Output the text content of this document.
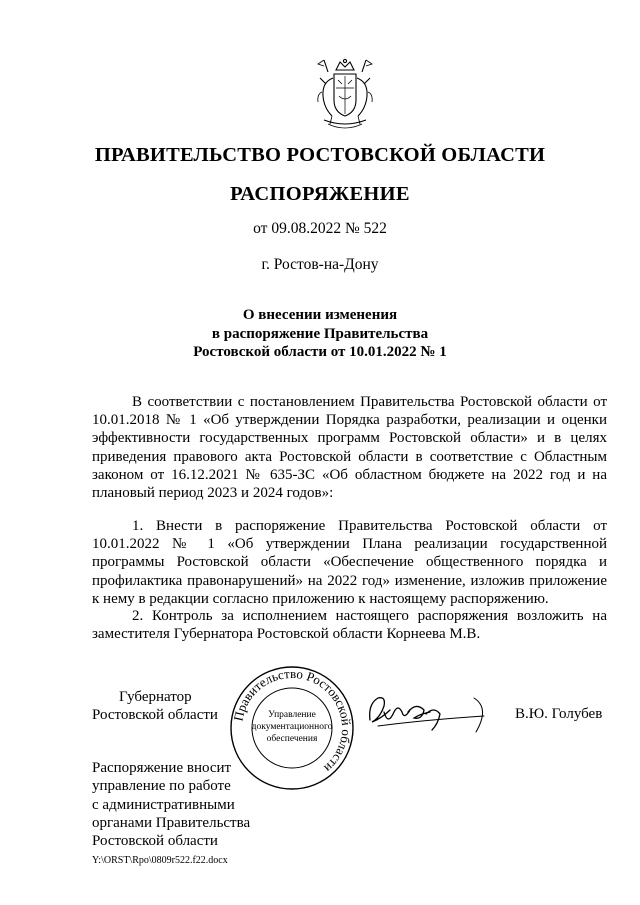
ПРАВИТЕЛЬСТВО РОСТОВСКОЙ ОБЛАСТИ
РАСПОРЯЖЕНИЕ
от 09.08.2022 № 522
г. Ростов-на-Дону
О внесении изменения
в распоряжение Правительства
Ростовской области от 10.01.2022 № 1
В соответствии с постановлением Правительства Ростовской области от 10.01.2018 № 1 «Об утверждении Порядка разработки, реализации и оценки эффективности государственных программ Ростовской области» и в целях приведения правового акта Ростовской области в соответствие с Областным законом от 16.12.2021 № 635-ЗС «Об областном бюджете на 2022 год и на плановый период 2023 и 2024 годов»:
1. Внести в распоряжение Правительства Ростовской области от 10.01.2022 № 1 «Об утверждении Плана реализации государственной программы Ростовской области «Обеспечение общественного порядка и профилактика правонарушений» на 2022 год» изменение, изложив приложение к нему в редакции согласно приложению к настоящему распоряжению.
2. Контроль за исполнением настоящего распоряжения возложить на заместителя Губернатора Ростовской области Корнеева М.В.
Губернатор
Ростовской области Правительство Ростовской области
Управление
документационного
обеспечения
В.Ю. Голубев
Распоряжение вносит
управление по работе
с административными
органами Правительства
Ростовской области
Y:\ORST\Rpo\0809r522.f22.docx
